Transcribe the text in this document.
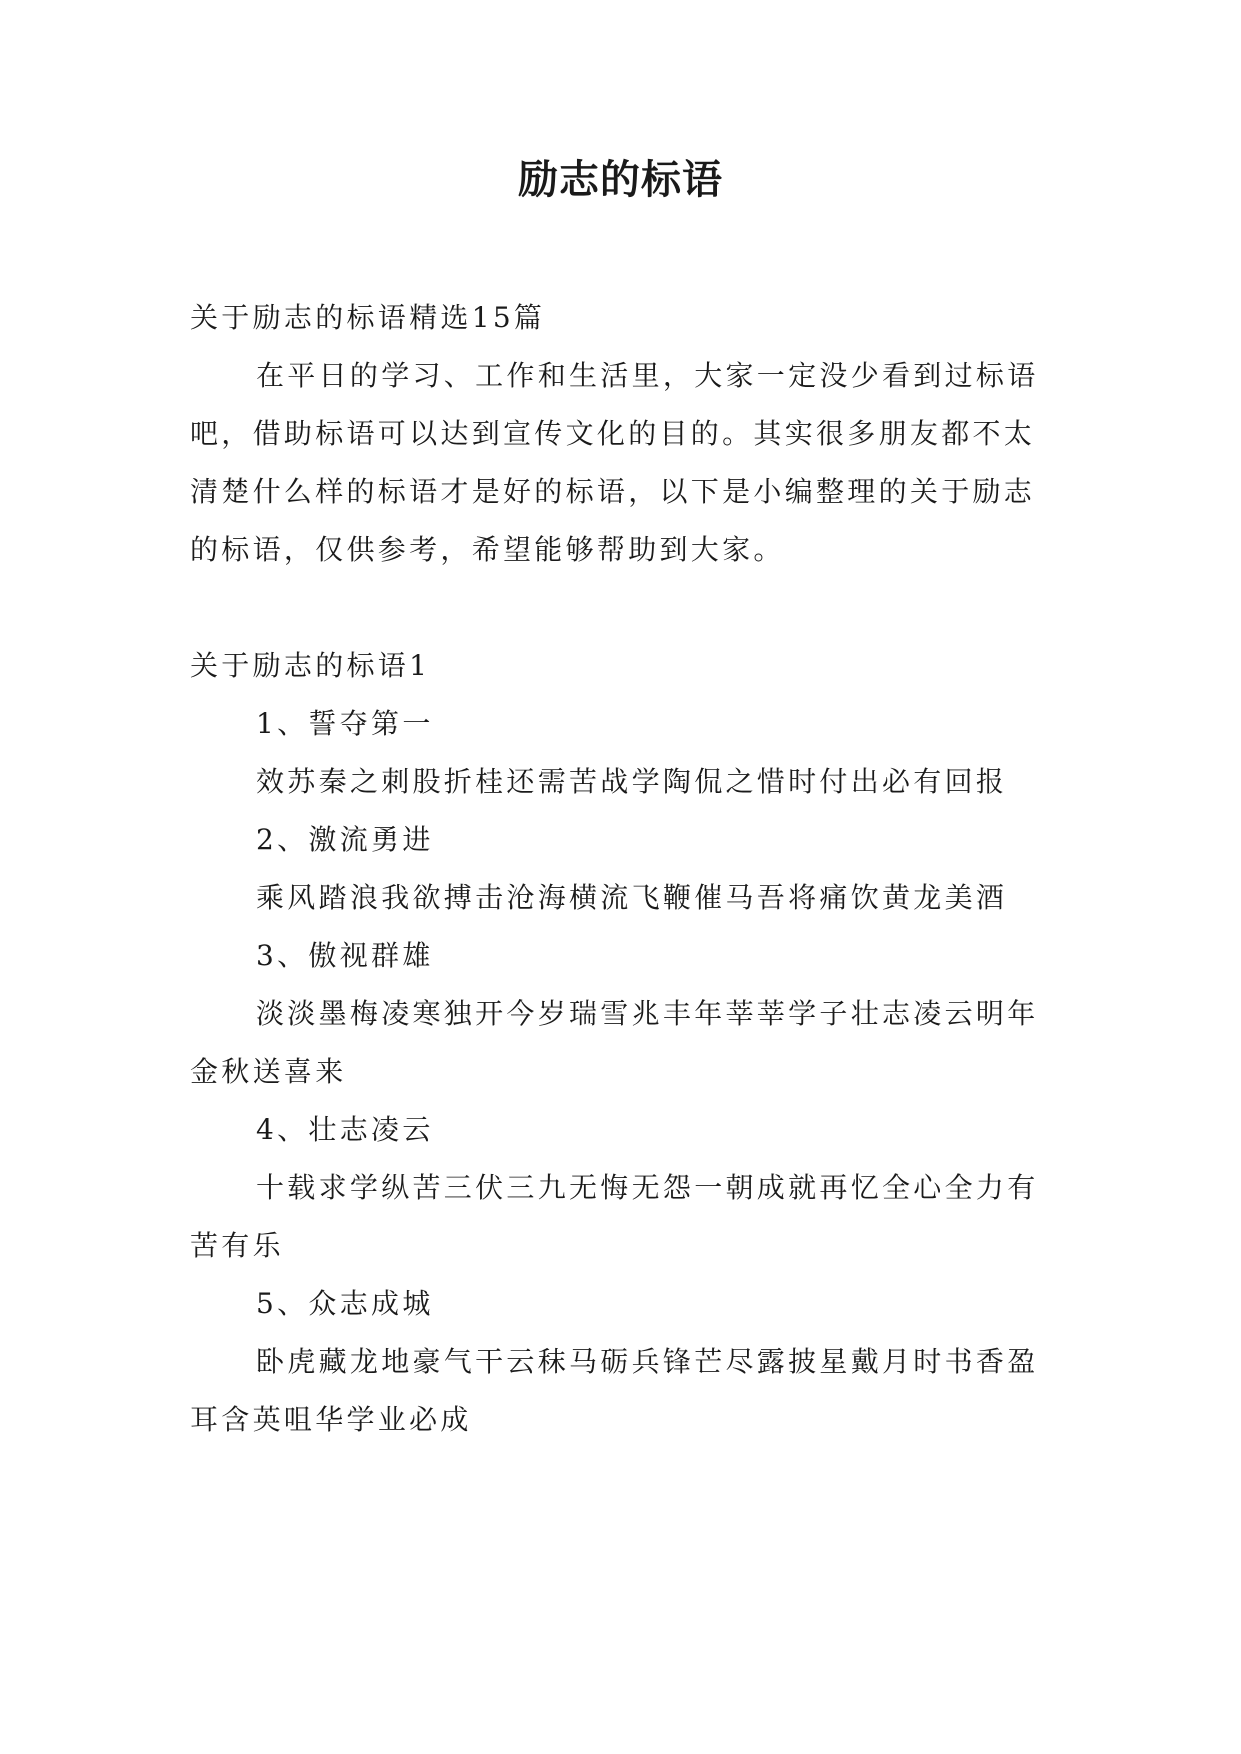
励志的标语

关于励志的标语精选15篇

在平日的学习、工作和生活里，大家一定没少看到过标语吧，借助标语可以达到宣传文化的目的。其实很多朋友都不太清楚什么样的标语才是好的标语，以下是小编整理的关于励志的标语，仅供参考，希望能够帮助到大家。

关于励志的标语1

1、誓夺第一

效苏秦之刺股折桂还需苦战学陶侃之惜时付出必有回报

2、激流勇进

乘风踏浪我欲搏击沧海横流飞鞭催马吾将痛饮黄龙美酒

3、傲视群雄

淡淡墨梅凌寒独开今岁瑞雪兆丰年莘莘学子壮志凌云明年金秋送喜来

4、壮志凌云

十载求学纵苦三伏三九无悔无怨一朝成就再忆全心全力有苦有乐

5、众志成城

卧虎藏龙地豪气干云秣马砺兵锋芒尽露披星戴月时书香盈耳含英咀华学业必成
